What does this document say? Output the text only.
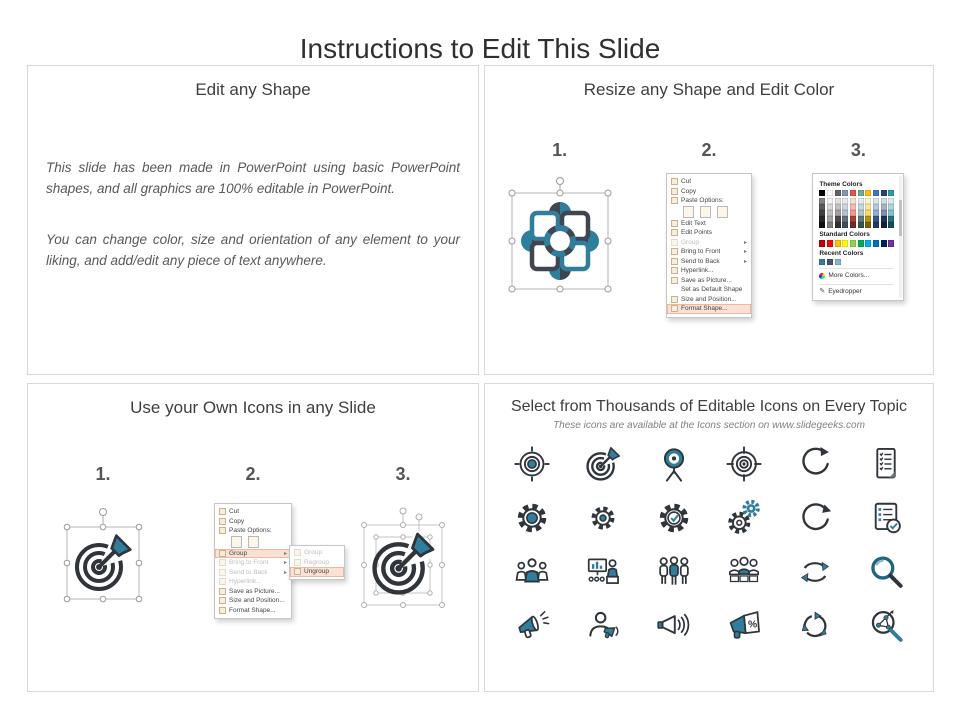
Instructions to Edit This Slide
Edit any Shape

This slide has been made in PowerPoint using basic PowerPoint shapes, and all graphics are 100% editable in PowerPoint.

You can change color, size and orientation of any element to your liking, and add/edit any piece of text anywhere.

Resize any Shape and Edit Color
1.	2.	3.
Cut
Copy
Paste Options:
Edit Text
Edit Points
Group	▸
Bring to Front	▸
Send to Back	▸
Hyperlink...
Save as Picture...
Set as Default Shape
Size and Position...
Format Shape...
Theme Colors
Standard Colors
Recent Colors
More Colors...
✎ Eyedropper
Use your Own Icons in any Slide
1.	2.	3.
Group
Regroup
Ungroup
Cut
Copy
Paste Options:
Group	▸
Bring to Front	▸
Send to Back	▸
Hyperlink...
Save as Picture...
Size and Position...
Format Shape...
Select from Thousands of Editable Icons on Every Topic
These icons are available at the Icons section on www.slidegeeks.com
